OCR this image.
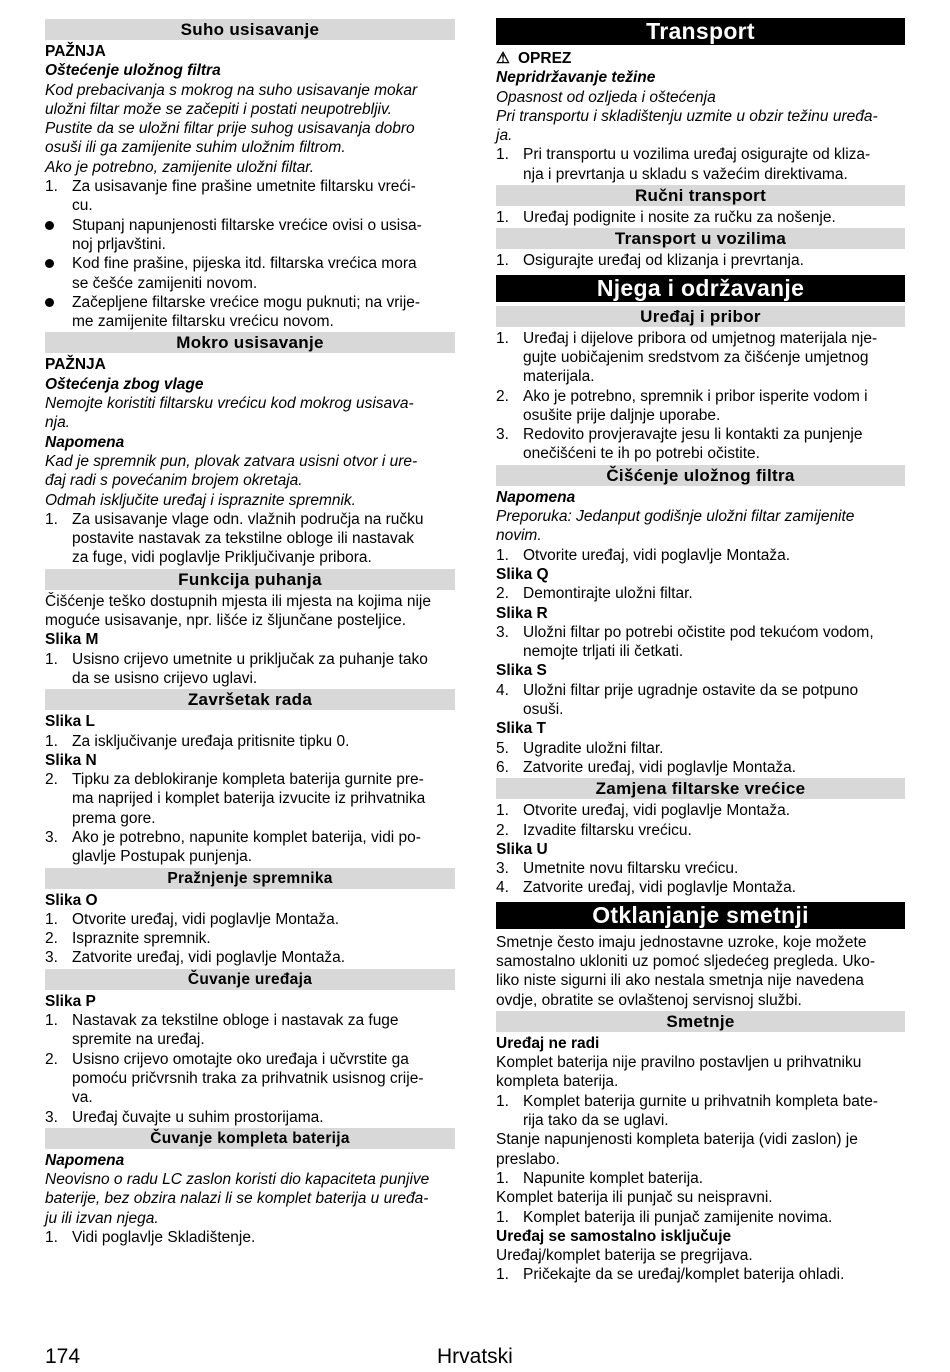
Suho usisavanje
PAŽNJA
Oštećenje uložnog filtra
Kod prebacivanja s mokrog na suho usisavanje mokar
uložni filtar može se začepiti i postati neupotrebljiv.
Pustite da se uložni filtar prije suhog usisavanja dobro
osuši ili ga zamijenite suhim uložnim filtrom.
Ako je potrebno, zamijenite uložni filtar.
1. Za usisavanje fine prašine umetnite filtarsku vreći-
cu.
Stupanj napunjenosti filtarske vrećice ovisi o usisa-
noj prljavštini.
Kod fine prašine, pijeska itd. filtarska vrećica mora
se češće zamijeniti novom.
Začepljene filtarske vrećice mogu puknuti; na vrije-
me zamijenite filtarsku vrećicu novom.
Mokro usisavanje
PAŽNJA
Oštećenja zbog vlage
Nemojte koristiti filtarsku vrećicu kod mokrog usisava-
nja.
Napomena
Kad je spremnik pun, plovak zatvara usisni otvor i ure-
đaj radi s povećanim brojem okretaja.
Odmah isključite uređaj i ispraznite spremnik.
1. Za usisavanje vlage odn. vlažnih područja na ručku
postavite nastavak za tekstilne obloge ili nastavak
za fuge, vidi poglavlje Priključivanje pribora.
Funkcija puhanja
Čišćenje teško dostupnih mjesta ili mjesta na kojima nije
moguće usisavanje, npr. lišće iz šljunčane posteljice.
Slika M
1. Usisno crijevo umetnite u priključak za puhanje tako
da se usisno crijevo uglavi.
Završetak rada
Slika L
1. Za isključivanje uređaja pritisnite tipku 0.
Slika N
2. Tipku za deblokiranje kompleta baterija gurnite pre-
ma naprijed i komplet baterija izvucite iz prihvatnika
prema gore.
3. Ako je potrebno, napunite komplet baterija, vidi po-
glavlje Postupak punjenja.
Pražnjenje spremnika
Slika O
1. Otvorite uređaj, vidi poglavlje Montaža.
2. Ispraznite spremnik.
3. Zatvorite uređaj, vidi poglavlje Montaža.
Čuvanje uređaja
Slika P
1. Nastavak za tekstilne obloge i nastavak za fuge
spremite na uređaj.
2. Usisno crijevo omotajte oko uređaja i učvrstite ga
pomoću pričvrsnih traka za prihvatnik usisnog crije-
va.
3. Uređaj čuvajte u suhim prostorijama.
Čuvanje kompleta baterija
Napomena
Neovisno o radu LC zaslon koristi dio kapaciteta punjive
baterije, bez obzira nalazi li se komplet baterija u uređa-
ju ili izvan njega.
1. Vidi poglavlje Skladištenje.
Transport
⚠ OPREZ
Nepridržavanje težine
Opasnost od ozljeda i oštećenja
Pri transportu i skladištenju uzmite u obzir težinu uređa-
ja.
1. Pri transportu u vozilima uređaj osigurajte od kliza-
nja i prevrtanja u skladu s važećim direktivama.
Ručni transport
1. Uređaj podignite i nosite za ručku za nošenje.
Transport u vozilima
1. Osigurajte uređaj od klizanja i prevrtanja.
Njega i održavanje
Uređaj i pribor
1. Uređaj i dijelove pribora od umjetnog materijala nje-
gujte uobičajenim sredstvom za čišćenje umjetnog
materijala.
2. Ako je potrebno, spremnik i pribor isperite vodom i
osušite prije daljnje uporabe.
3. Redovito provjeravajte jesu li kontakti za punjenje
onečišćeni te ih po potrebi očistite.
Čišćenje uložnog filtra
Napomena
Preporuka: Jedanput godišnje uložni filtar zamijenite
novim.
1. Otvorite uređaj, vidi poglavlje Montaža.
Slika Q
2. Demontirajte uložni filtar.
Slika R
3. Uložni filtar po potrebi očistite pod tekućom vodom,
nemojte trljati ili četkati.
Slika S
4. Uložni filtar prije ugradnje ostavite da se potpuno
osuši.
Slika T
5. Ugradite uložni filtar.
6. Zatvorite uređaj, vidi poglavlje Montaža.
Zamjena filtarske vrećice
1. Otvorite uređaj, vidi poglavlje Montaža.
2. Izvadite filtarsku vrećicu.
Slika U
3. Umetnite novu filtarsku vrećicu.
4. Zatvorite uređaj, vidi poglavlje Montaža.
Otklanjanje smetnji
Smetnje često imaju jednostavne uzroke, koje možete
samostalno ukloniti uz pomoć sljedećeg pregleda. Uko-
liko niste sigurni ili ako nestala smetnja nije navedena
ovdje, obratite se ovlaštenoj servisnoj službi.
Smetnje
Uređaj ne radi
Komplet baterija nije pravilno postavljen u prihvatniku
kompleta baterija.
1. Komplet baterija gurnite u prihvatnih kompleta bate-
rija tako da se uglavi.
Stanje napunjenosti kompleta baterija (vidi zaslon) je
preslabo.
1. Napunite komplet baterija.
Komplet baterija ili punjač su neispravni.
1. Komplet baterija ili punjač zamijenite novima.
Uređaj se samostalno isključuje
Uređaj/komplet baterija se pregrijava.
1. Pričekajte da se uređaj/komplet baterija ohladi.
174	Hrvatski
